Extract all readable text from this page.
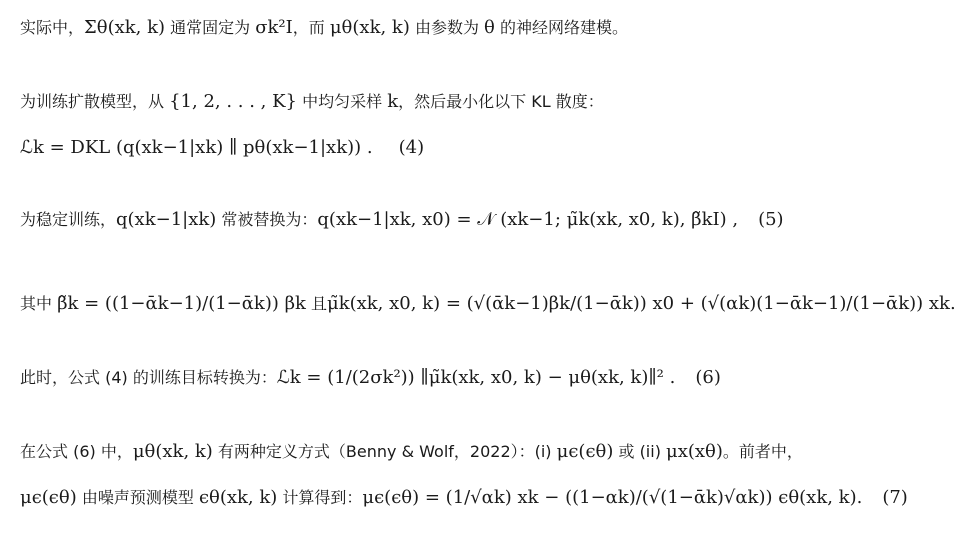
实际中，Σθ(xk, k) 通常固定为 σk²I，而 μθ(xk, k) 由参数为 θ 的神经网络建模。
为训练扩散模型，从 {1, 2, . . . , K} 中均匀采样 k，然后最小化以下 KL 散度：
ℒk = DKL (q(xk−1|xk) ∥ pθ(xk−1|xk)) . (4)
为稳定训练，q(xk−1|xk) 常被替换为：q(xk−1|xk, x0) = 𝒩 (xk−1; μ̃k(xk, x0, k), β̃kI) , (5)
其中 β̃k = ((1−ᾱk−1)/(1−ᾱk)) βk 且μ̃k(xk, x0, k) = (√(ᾱk−1)βk/(1−ᾱk)) x0 + (√(αk)(1−ᾱk−1)/(1−ᾱk)) xk.
此时，公式 (4) 的训练目标转换为：ℒk = (1/(2σk²)) ∥μ̃k(xk, x0, k) − μθ(xk, k)∥² . (6)
在公式 (6) 中，μθ(xk, k) 有两种定义方式（Benny & Wolf，2022）：(i) μϵ(ϵθ) 或 (ii) μx(xθ)。前者中，
μϵ(ϵθ) 由噪声预测模型 ϵθ(xk, k) 计算得到：μϵ(ϵθ) = (1/√αk) xk − ((1−αk)/(√(1−ᾱk)√αk)) ϵθ(xk, k). (7)
